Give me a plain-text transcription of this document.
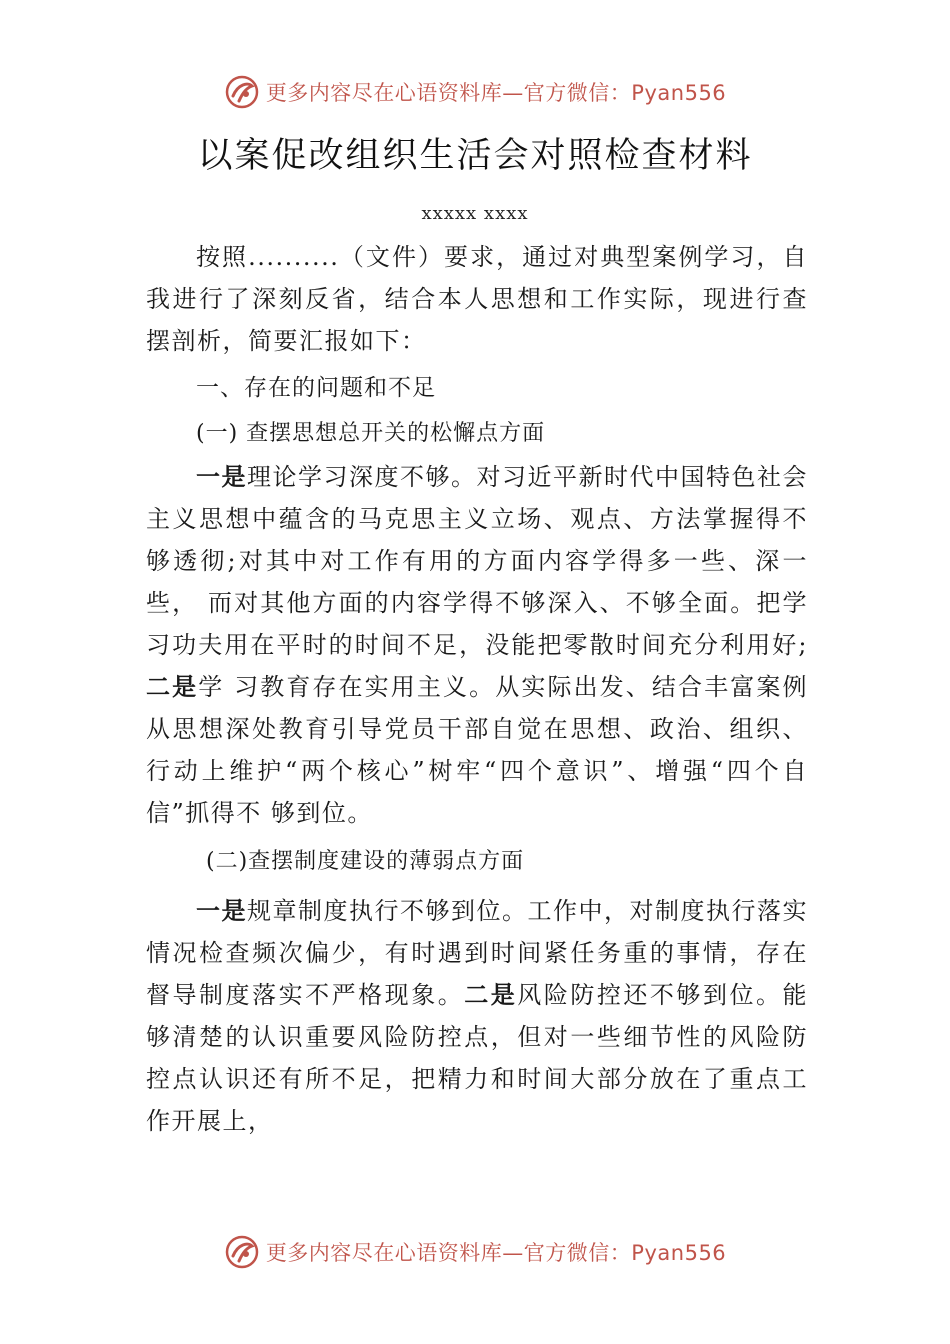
更多内容尽在心语资料库—官方微信：Pyan556
以案促改组织生活会对照检查材料
xxxxx xxxx

按照..........（文件）要求，通过对典型案例学习，自我进行了深刻反省，结合本人思想和工作实际，现进行查摆剖析，简要汇报如下：

一、存在的问题和不足

(一) 查摆思想总开关的松懈点方面

一是理论学习深度不够。对习近平新时代中国特色社会主义思想中蕴含的马克思主义立场、观点、方法掌握得不够透彻;对其中对工作有用的方面内容学得多一些、深一些， 而对其他方面的内容学得不够深入、不够全面。把学习功夫用在平时的时间不足，没能把零散时间充分利用好;二是学 习教育存在实用主义。从实际出发、结合丰富案例从思想深处教育引导党员干部自觉在思想、政治、组织、行动上维护“两个核心”树牢“四个意识”、增强“四个自信”抓得不 够到位。

(二)查摆制度建设的薄弱点方面

一是规章制度执行不够到位。工作中，对制度执行落实情况检查频次偏少，有时遇到时间紧任务重的事情，存在督导制度落实不严格现象。二是风险防控还不够到位。能够清楚的认识重要风险防控点，但对一些细节性的风险防控点认识还有所不足，把精力和时间大部分放在了重点工作开展上，

更多内容尽在心语资料库—官方微信：Pyan556
